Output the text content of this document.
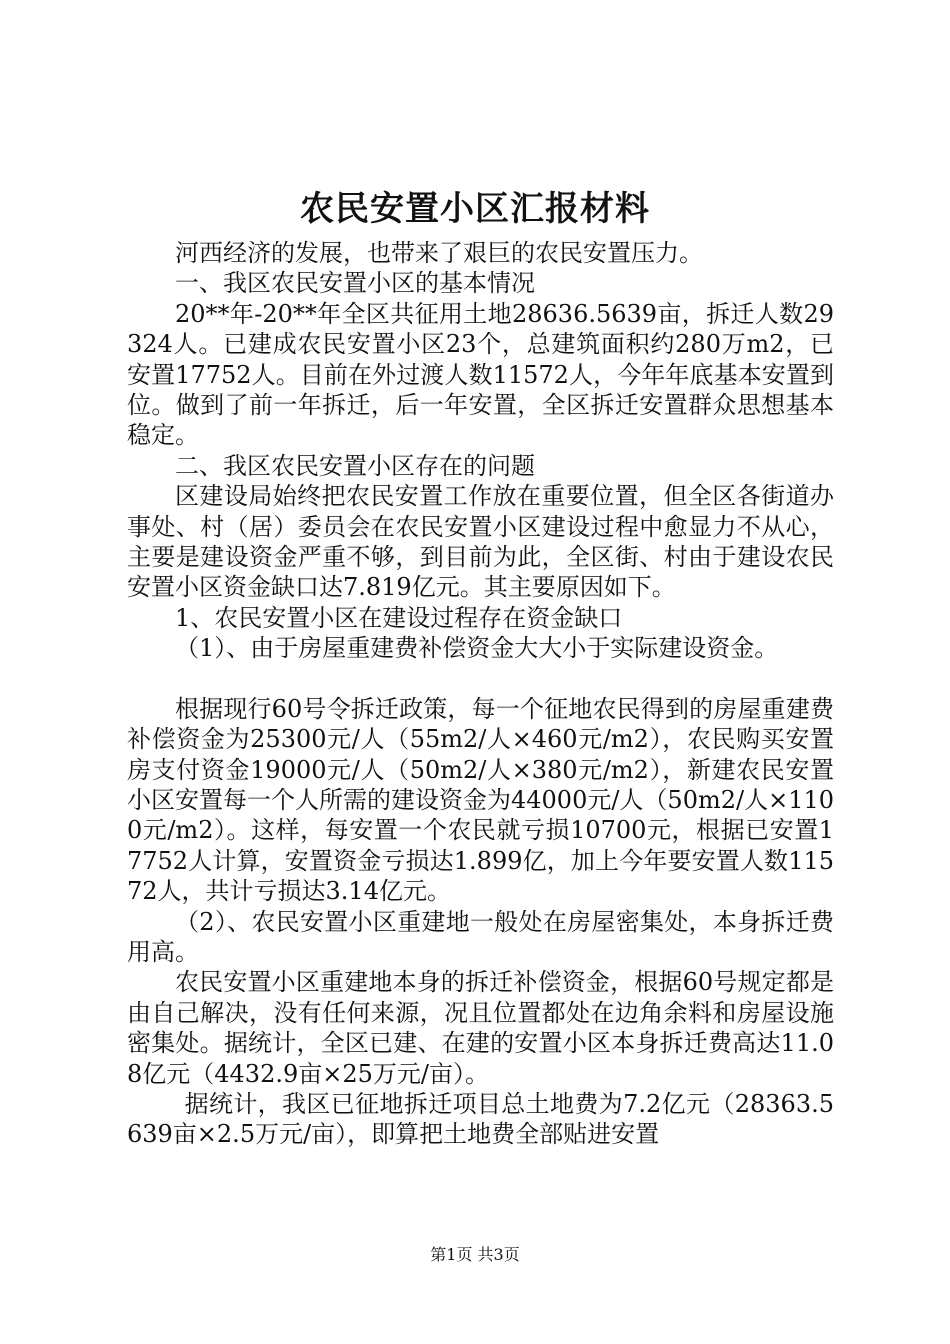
农民安置小区汇报材料

河西经济的发展，也带来了艰巨的农民安置压力。

一、我区农民安置小区的基本情况

20**年-20**年全区共征用土地28636.5639亩，拆迁人数29324人。已建成农民安置小区23个，总建筑面积约280万m2，已安置17752人。目前在外过渡人数11572人，今年年底基本安置到位。做到了前一年拆迁，后一年安置，全区拆迁安置群众思想基本稳定。

二、我区农民安置小区存在的问题

区建设局始终把农民安置工作放在重要位置，但全区各街道办事处、村（居）委员会在农民安置小区建设过程中愈显力不从心，主要是建设资金严重不够，到目前为此，全区街、村由于建设农民安置小区资金缺口达7.819亿元。其主要原因如下。

1、农民安置小区在建设过程存在资金缺口

（1）、由于房屋重建费补偿资金大大小于实际建设资金。

根据现行60号令拆迁政策，每一个征地农民得到的房屋重建费补偿资金为25300元/人（55m2/人×460元/m2），农民购买安置房支付资金19000元/人（50m2/人×380元/m2），新建农民安置小区安置每一个人所需的建设资金为44000元/人（50m2/人×1100元/m2）。这样，每安置一个农民就亏损10700元，根据已安置17752人计算，安置资金亏损达1.899亿，加上今年要安置人数11572人，共计亏损达3.14亿元。

（2）、农民安置小区重建地一般处在房屋密集处，本身拆迁费用高。

农民安置小区重建地本身的拆迁补偿资金，根据60号规定都是由自己解决，没有任何来源，况且位置都处在边角余料和房屋设施密集处。据统计，全区已建、在建的安置小区本身拆迁费高达11.08亿元（4432.9亩×25万元/亩）。

据统计，我区已征地拆迁项目总土地费为7.2亿元（28363.5639亩×2.5万元/亩），即算把土地费全部贴进安置

第1页 共3页
